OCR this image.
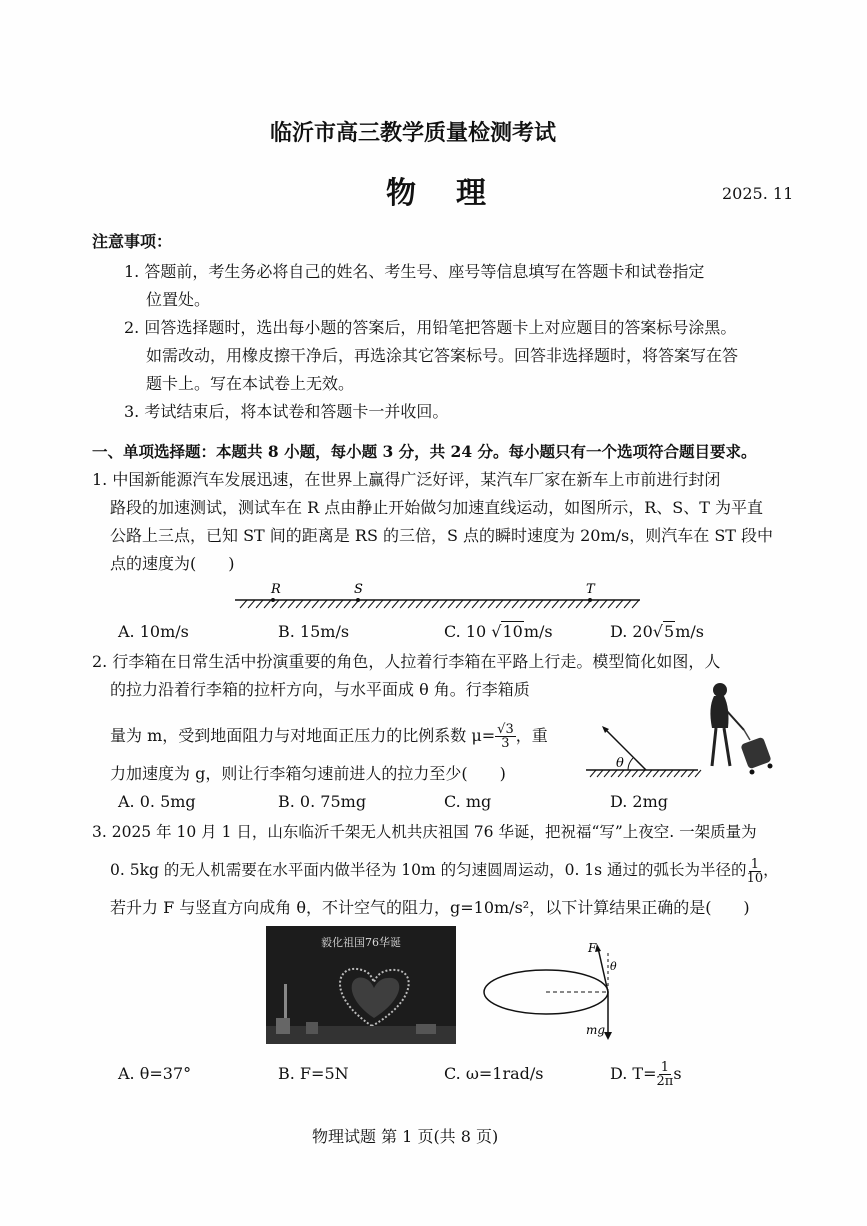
临沂市高三教学质量检测考试
物理	2025. 11
注意事项：
1. 答题前，考生务必将自己的姓名、考生号、座号等信息填写在答题卡和试卷指定
位置处。
2. 回答选择题时，选出每小题的答案后，用铅笔把答题卡上对应题目的答案标号涂黑。
如需改动，用橡皮擦干净后，再选涂其它答案标号。回答非选择题时，将答案写在答
题卡上。写在本试卷上无效。
3. 考试结束后，将本试卷和答题卡一并收回。
一、单项选择题：本题共 8 小题，每小题 3 分，共 24 分。每小题只有一个选项符合题目要求。
1. 中国新能源汽车发展迅速，在世界上赢得广泛好评，某汽车厂家在新车上市前进行封闭
路段的加速测试，测试车在 R 点由静止开始做匀加速直线运动，如图所示，R、S、T 为平直
公路上三点，已知 ST 间的距离是 RS 的三倍，S 点的瞬时速度为 20m/s，则汽车在 ST 段中
点的速度为(　　)
R	S	T
A. 10m/s	B. 15m/s	C. 10 √10m/s	D. 20√5m/s
2. 行李箱在日常生活中扮演重要的角色，人拉着行李箱在平路上行走。模型简化如图，人
的拉力沿着行李箱的拉杆方向，与水平面成 θ 角。行李箱质
量为 m，受到地面阻力与对地面正压力的比例系数 $\mu= \frac{√3}{3}$ ，重
力加速度为 g，则让行李箱匀速前进人的拉力至少(　　)
θ
A. 0. 5mg	B. 0. 75mg	C. mg	D. 2mg
3. 2025 年 10 月 1 日，山东临沂千架无人机共庆祖国 76 华诞，把祝福“写”上夜空. 一架质量为
0. 5kg 的无人机需要在水平面内做半径为 10m 的匀速圆周运动，0. 1s 通过的弧长为半径的 $\frac{1}{10}$ ，
若升力 F 与竖直方向成角 θ，不计空气的阻力，g=10m/s²，以下计算结果正确的是(　　)
毅化祖国76华诞	F
θ
mg
A. θ=37°	B. F=5N	C. ω=1rad/s	D. $T= \frac{1}{2\pi}$ s
物理试题 第 1 页(共 8 页)
